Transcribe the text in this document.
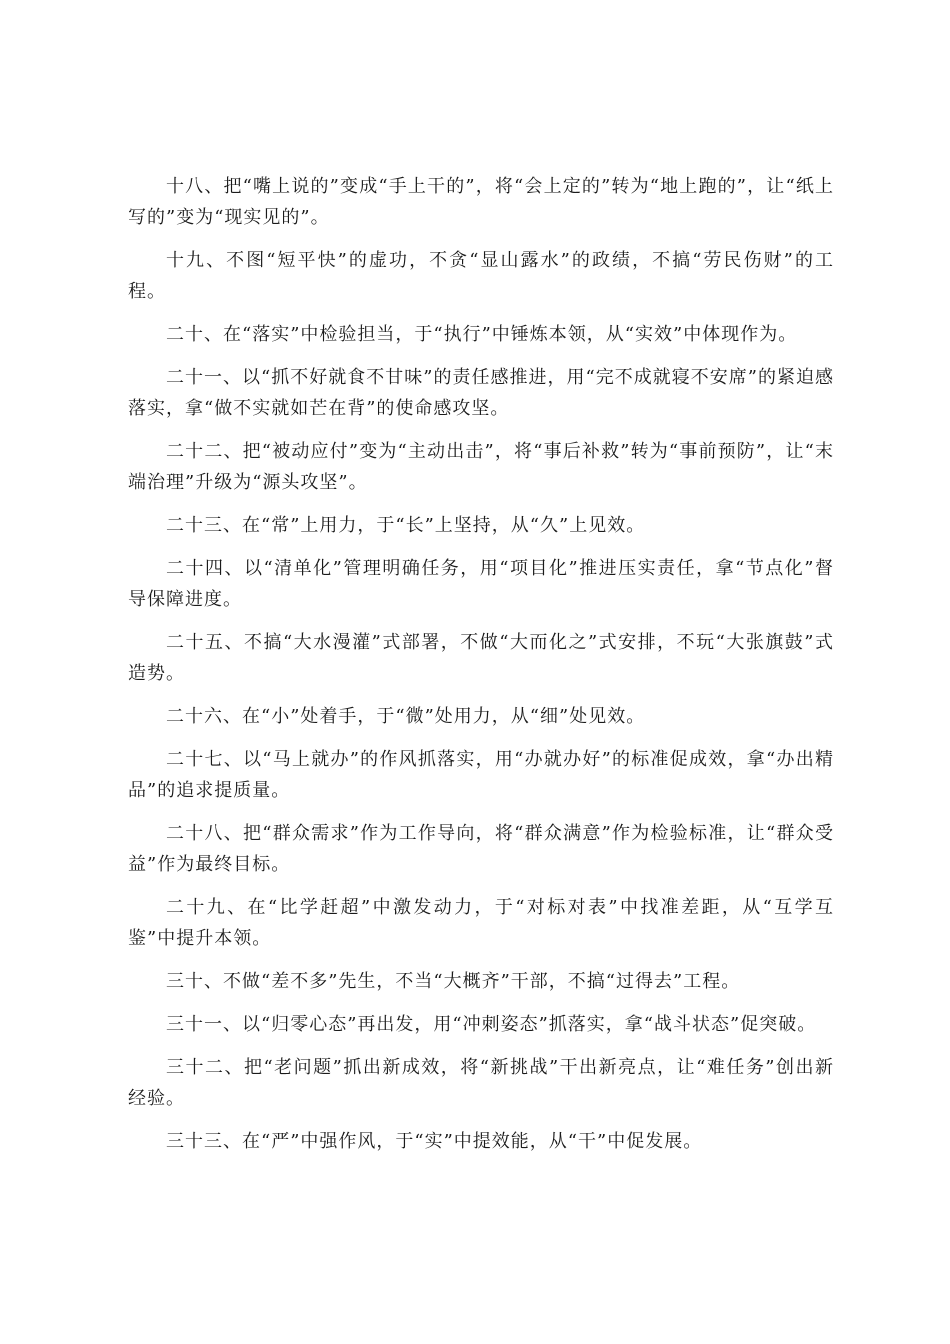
十八、把“嘴上说的”变成“手上干的”，将“会上定的”转为“地上跑的”，让“纸上写的”变为“现实见的”。

十九、不图“短平快”的虚功，不贪“显山露水”的政绩，不搞“劳民伤财”的工程。

二十、在“落实”中检验担当，于“执行”中锤炼本领，从“实效”中体现作为。

二十一、以“抓不好就食不甘味”的责任感推进，用“完不成就寝不安席”的紧迫感落实，拿“做不实就如芒在背”的使命感攻坚。

二十二、把“被动应付”变为“主动出击”，将“事后补救”转为“事前预防”，让“末端治理”升级为“源头攻坚”。

二十三、在“常”上用力，于“长”上坚持，从“久”上见效。

二十四、以“清单化”管理明确任务，用“项目化”推进压实责任，拿“节点化”督导保障进度。

二十五、不搞“大水漫灌”式部署，不做“大而化之”式安排，不玩“大张旗鼓”式造势。

二十六、在“小”处着手，于“微”处用力，从“细”处见效。

二十七、以“马上就办”的作风抓落实，用“办就办好”的标准促成效，拿“办出精品”的追求提质量。

二十八、把“群众需求”作为工作导向，将“群众满意”作为检验标准，让“群众受益”作为最终目标。

二十九、在“比学赶超”中激发动力，于“对标对表”中找准差距，从“互学互鉴”中提升本领。

三十、不做“差不多”先生，不当“大概齐”干部，不搞“过得去”工程。

三十一、以“归零心态”再出发，用“冲刺姿态”抓落实，拿“战斗状态”促突破。

三十二、把“老问题”抓出新成效，将“新挑战”干出新亮点，让“难任务”创出新经验。

三十三、在“严”中强作风，于“实”中提效能，从“干”中促发展。
